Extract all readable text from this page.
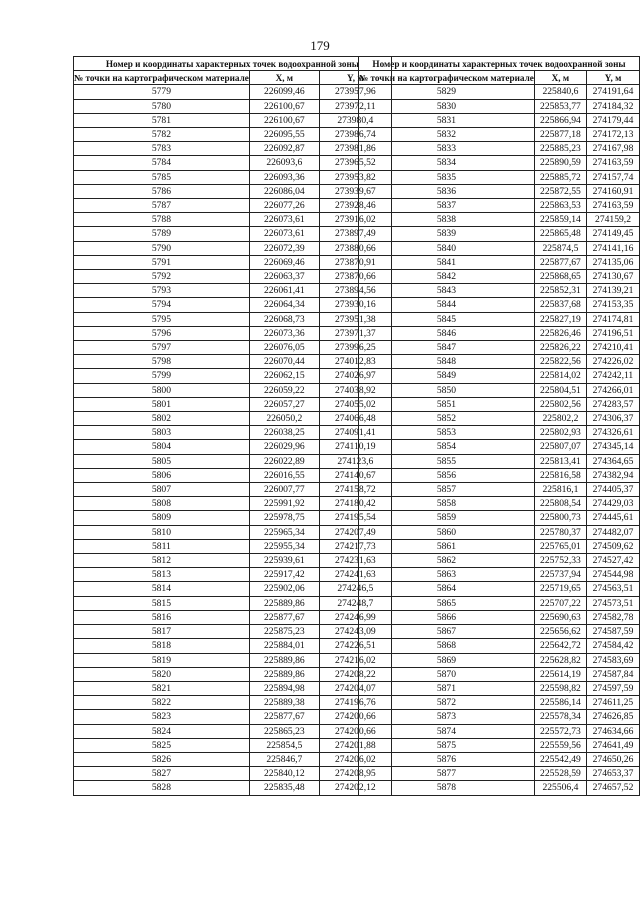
179
Номер и координаты характерных точек водоохранной зоны		
№ точки на картографическом материале	X, м	Y, м
5779	226099,46	273957,96
5780	226100,67	273972,11
5781	226100,67	273980,4
5782	226095,55	273986,74
5783	226092,87	273981,86
5784	226093,6	273965,52
5785	226093,36	273953,82
5786	226086,04	273939,67
5787	226077,26	273928,46
5788	226073,61	273916,02
5789	226073,61	273897,49
5790	226072,39	273880,66
5791	226069,46	273870,91
5792	226063,37	273870,66
5793	226061,41	273894,56
5794	226064,34	273930,16
5795	226068,73	273951,38
5796	226073,36	273971,37
5797	226076,05	273996,25
5798	226070,44	274012,83
5799	226062,15	274026,97
5800	226059,22	274038,92
5801	226057,27	274055,02
5802	226050,2	274066,48
5803	226038,25	274091,41
5804	226029,96	274110,19
5805	226022,89	274123,6
5806	226016,55	274140,67
5807	226007,77	274158,72
5808	225991,92	274180,42
5809	225978,75	274195,54
5810	225965,34	274207,49
5811	225955,34	274217,73
5812	225939,61	274231,63
5813	225917,42	274241,63
5814	225902,06	274246,5
5815	225889,86	274248,7
5816	225877,67	274246,99
5817	225875,23	274243,09
5818	225884,01	274226,51
5819	225889,86	274216,02
5820	225889,86	274208,22
5821	225894,98	274204,07
5822	225889,38	274196,76
5823	225877,67	274200,66
5824	225865,23	274200,66
5825	225854,5	274201,88
5826	225846,7	274206,02
5827	225840,12	274208,95
5828	225835,48	274202,12
Номер и координаты характерных точек водоохранной зоны		
№ точки на картографическом материале	X, м	Y, м
5829	225840,6	274191,64
5830	225853,77	274184,32
5831	225866,94	274179,44
5832	225877,18	274172,13
5833	225885,23	274167,98
5834	225890,59	274163,59
5835	225885,72	274157,74
5836	225872,55	274160,91
5837	225863,53	274163,59
5838	225859,14	274159,2
5839	225865,48	274149,45
5840	225874,5	274141,16
5841	225877,67	274135,06
5842	225868,65	274130,67
5843	225852,31	274139,21
5844	225837,68	274153,35
5845	225827,19	274174,81
5846	225826,46	274196,51
5847	225826,22	274210,41
5848	225822,56	274226,02
5849	225814,02	274242,11
5850	225804,51	274266,01
5851	225802,56	274283,57
5852	225802,2	274306,37
5853	225802,93	274326,61
5854	225807,07	274345,14
5855	225813,41	274364,65
5856	225816,58	274382,94
5857	225816,1	274405,37
5858	225808,54	274429,03
5859	225800,73	274445,61
5860	225780,37	274482,07
5861	225765,01	274509,62
5862	225752,33	274527,42
5863	225737,94	274544,98
5864	225719,65	274563,51
5865	225707,22	274573,51
5866	225690,63	274582,78
5867	225656,62	274587,59
5868	225642,72	274584,42
5869	225628,82	274583,69
5870	225614,19	274587,84
5871	225598,82	274597,59
5872	225586,14	274611,25
5873	225578,34	274626,85
5874	225572,73	274634,66
5875	225559,56	274641,49
5876	225542,49	274650,26
5877	225528,59	274653,37
5878	225506,4	274657,52
